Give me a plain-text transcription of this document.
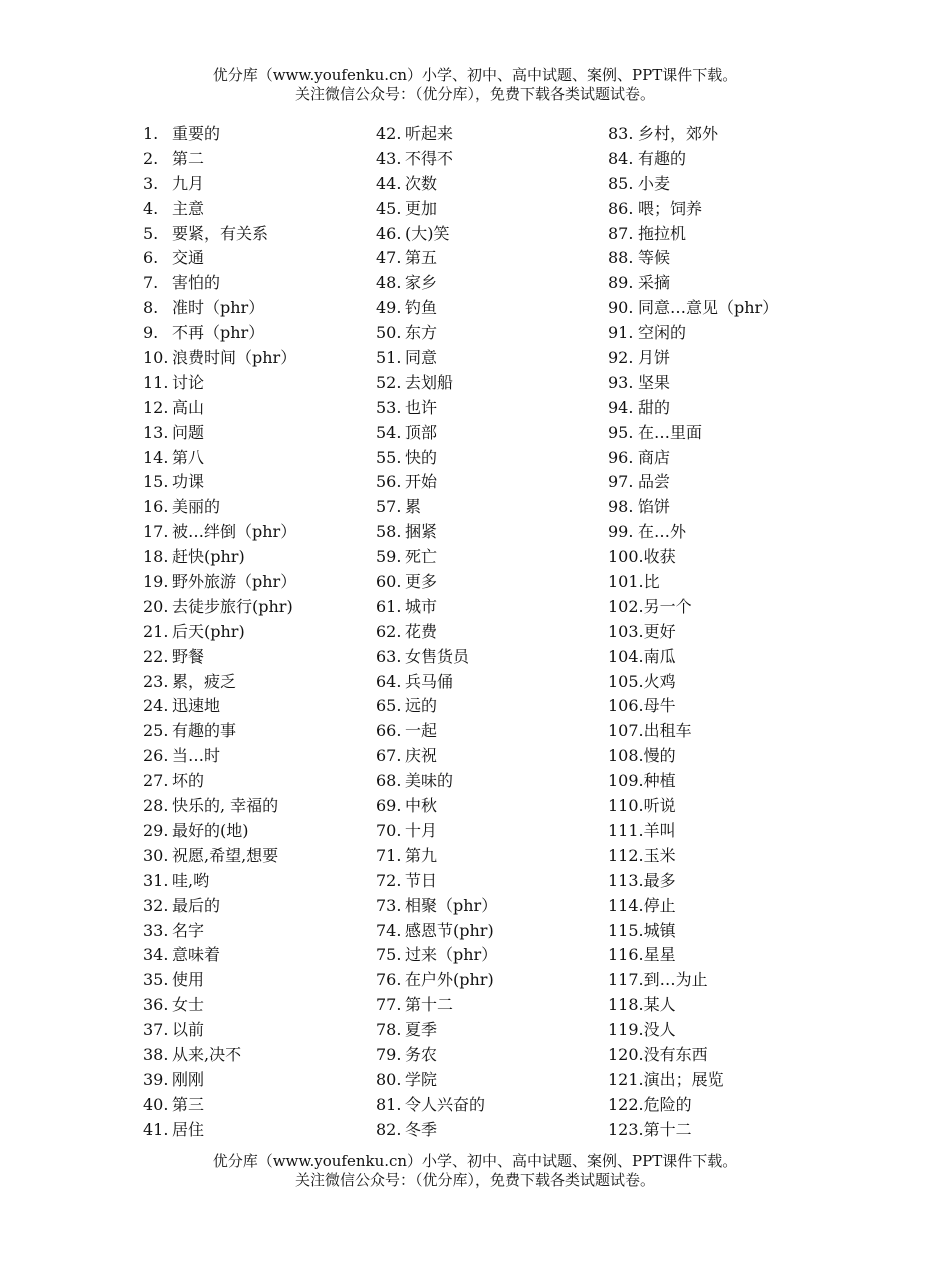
优分库（www.youfenku.cn）小学、初中、高中试题、案例、PPT课件下载。
关注微信公众号：（优分库），免费下载各类试题试卷。
1. 重要的
2. 第二
3. 九月
4. 主意
5. 要紧，有关系
6. 交通
7. 害怕的
8. 准时（phr）
9. 不再（phr）
10. 浪费时间（phr）
11. 讨论
12. 高山
13. 问题
14. 第八
15. 功课
16. 美丽的
17. 被…绊倒（phr）
18. 赶快(phr)
19. 野外旅游（phr）
20. 去徒步旅行(phr)
21. 后天(phr)
22. 野餐
23. 累，疲乏
24. 迅速地
25. 有趣的事
26. 当…时
27. 坏的
28. 快乐的, 幸福的
29. 最好的(地)
30. 祝愿,希望,想要
31. 哇,哟
32. 最后的
33. 名字
34. 意味着
35. 使用
36. 女士
37. 以前
38. 从来,决不
39. 刚刚
40. 第三
41. 居住
42. 听起来
43. 不得不
44. 次数
45. 更加
46. (大)笑
47. 第五
48. 家乡
49. 钓鱼
50. 东方
51. 同意
52. 去划船
53. 也许
54. 顶部
55. 快的
56. 开始
57. 累
58. 捆紧
59. 死亡
60. 更多
61. 城市
62. 花费
63. 女售货员
64. 兵马俑
65. 远的
66. 一起
67. 庆祝
68. 美味的
69. 中秋
70. 十月
71. 第九
72. 节日
73. 相聚（phr）
74. 感恩节(phr)
75. 过来（phr）
76. 在户外(phr)
77. 第十二
78. 夏季
79. 务农
80. 学院
81. 令人兴奋的
82. 冬季
83. 乡村，郊外
84. 有趣的
85. 小麦
86. 喂；饲养
87. 拖拉机
88. 等候
89. 采摘
90. 同意…意见（phr）
91. 空闲的
92. 月饼
93. 坚果
94. 甜的
95. 在…里面
96. 商店
97. 品尝
98. 馅饼
99. 在…外
100.收获
101.比
102.另一个
103.更好
104.南瓜
105.火鸡
106.母牛
107.出租车
108.慢的
109.种植
110.听说
111.羊叫
112.玉米
113.最多
114.停止
115.城镇
116.星星
117.到…为止
118.某人
119.没人
120.没有东西
121.演出；展览
122.危险的
123.第十二
优分库（www.youfenku.cn）小学、初中、高中试题、案例、PPT课件下载。
关注微信公众号：（优分库），免费下载各类试题试卷。
